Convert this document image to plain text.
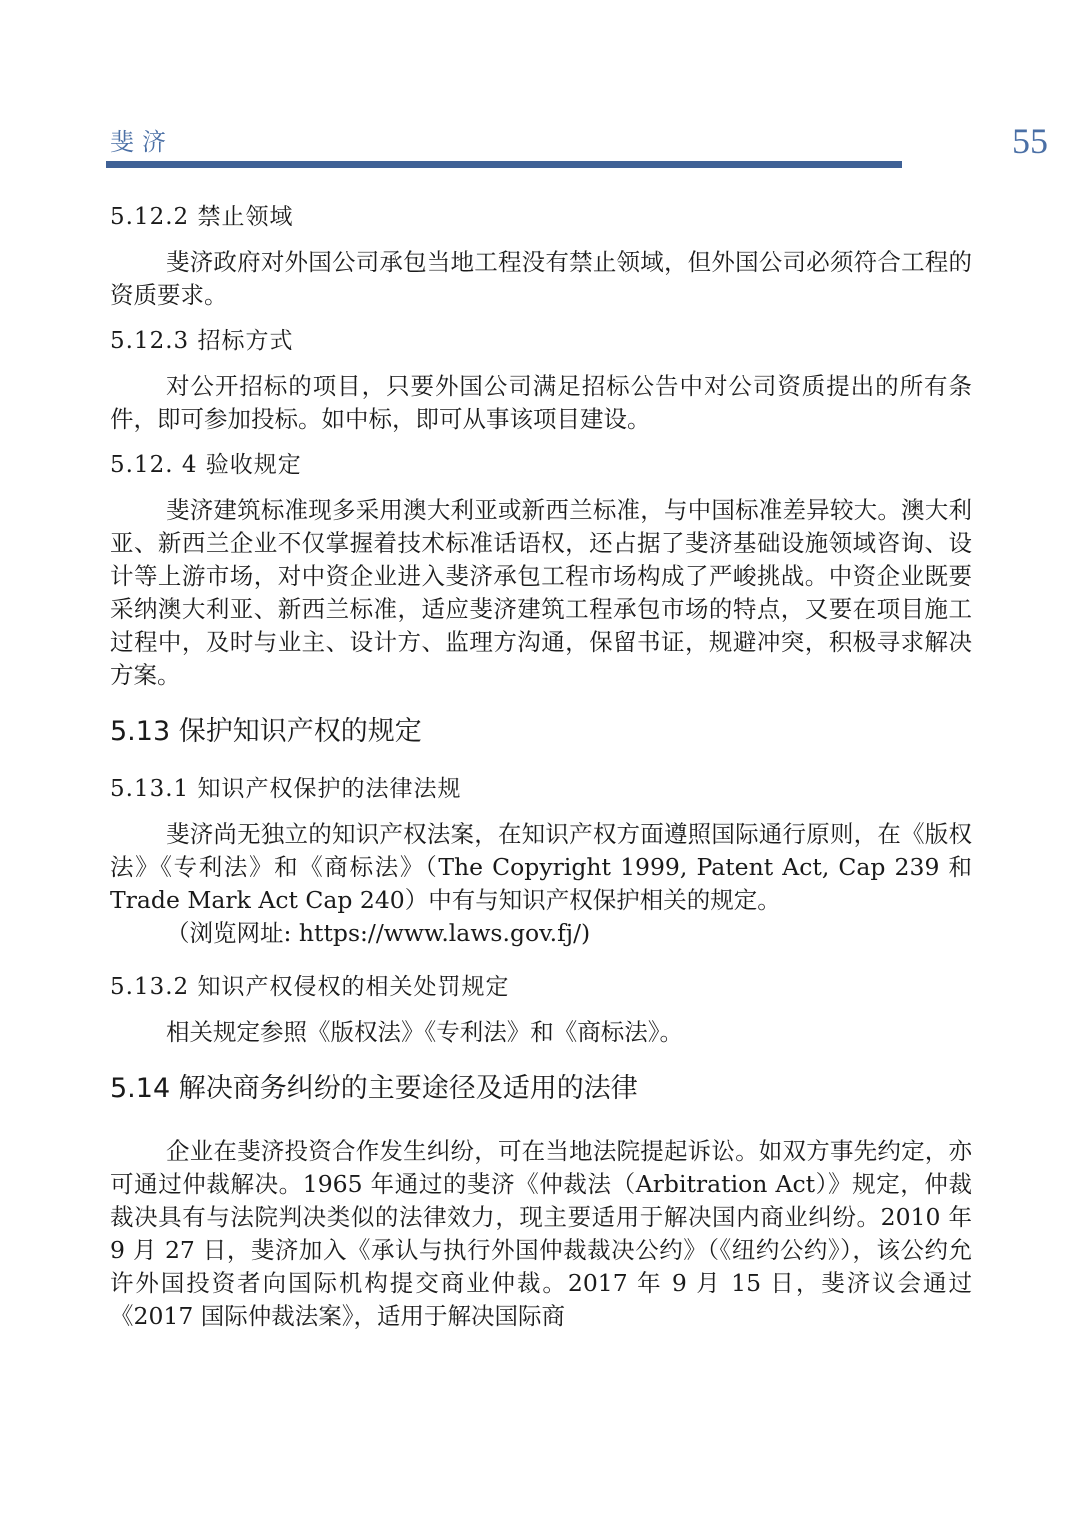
斐济	55
5.12.2 禁止领域

斐济政府对外国公司承包当地工程没有禁止领域，但外国公司必须符合工程的资质要求。

5.12.3 招标方式

对公开招标的项目，只要外国公司满足招标公告中对公司资质提出的所有条件，即可参加投标。如中标，即可从事该项目建设。

5.12. 4 验收规定

斐济建筑标准现多采用澳大利亚或新西兰标准，与中国标准差异较大。澳大利亚、新西兰企业不仅掌握着技术标准话语权，还占据了斐济基础设施领域咨询、设计等上游市场，对中资企业进入斐济承包工程市场构成了严峻挑战。中资企业既要采纳澳大利亚、新西兰标准，适应斐济建筑工程承包市场的特点，又要在项目施工过程中，及时与业主、设计方、监理方沟通，保留书证，规避冲突，积极寻求解决方案。

5.13 保护知识产权的规定
5.13.1 知识产权保护的法律法规

斐济尚无独立的知识产权法案，在知识产权方面遵照国际通行原则，在《版权法》《专利法》和《商标法》（The Copyright 1999, Patent Act, Cap 239 和 Trade Mark Act Cap 240）中有与知识产权保护相关的规定。

（浏览网址: https://www.laws.gov.fj/)

5.13.2 知识产权侵权的相关处罚规定

相关规定参照《版权法》《专利法》和《商标法》。

5.14 解决商务纠纷的主要途径及适用的法律

企业在斐济投资合作发生纠纷，可在当地法院提起诉讼。如双方事先约定，亦可通过仲裁解决。1965 年通过的斐济《仲裁法（Arbitration Act）》规定，仲裁裁决具有与法院判决类似的法律效力，现主要适用于解决国内商业纠纷。2010 年 9 月 27 日，斐济加入《承认与执行外国仲裁裁决公约》（《纽约公约》），该公约允许外国投资者向国际机构提交商业仲裁。2017 年 9 月 15 日，斐济议会通过《2017 国际仲裁法案》，适用于解决国际商
